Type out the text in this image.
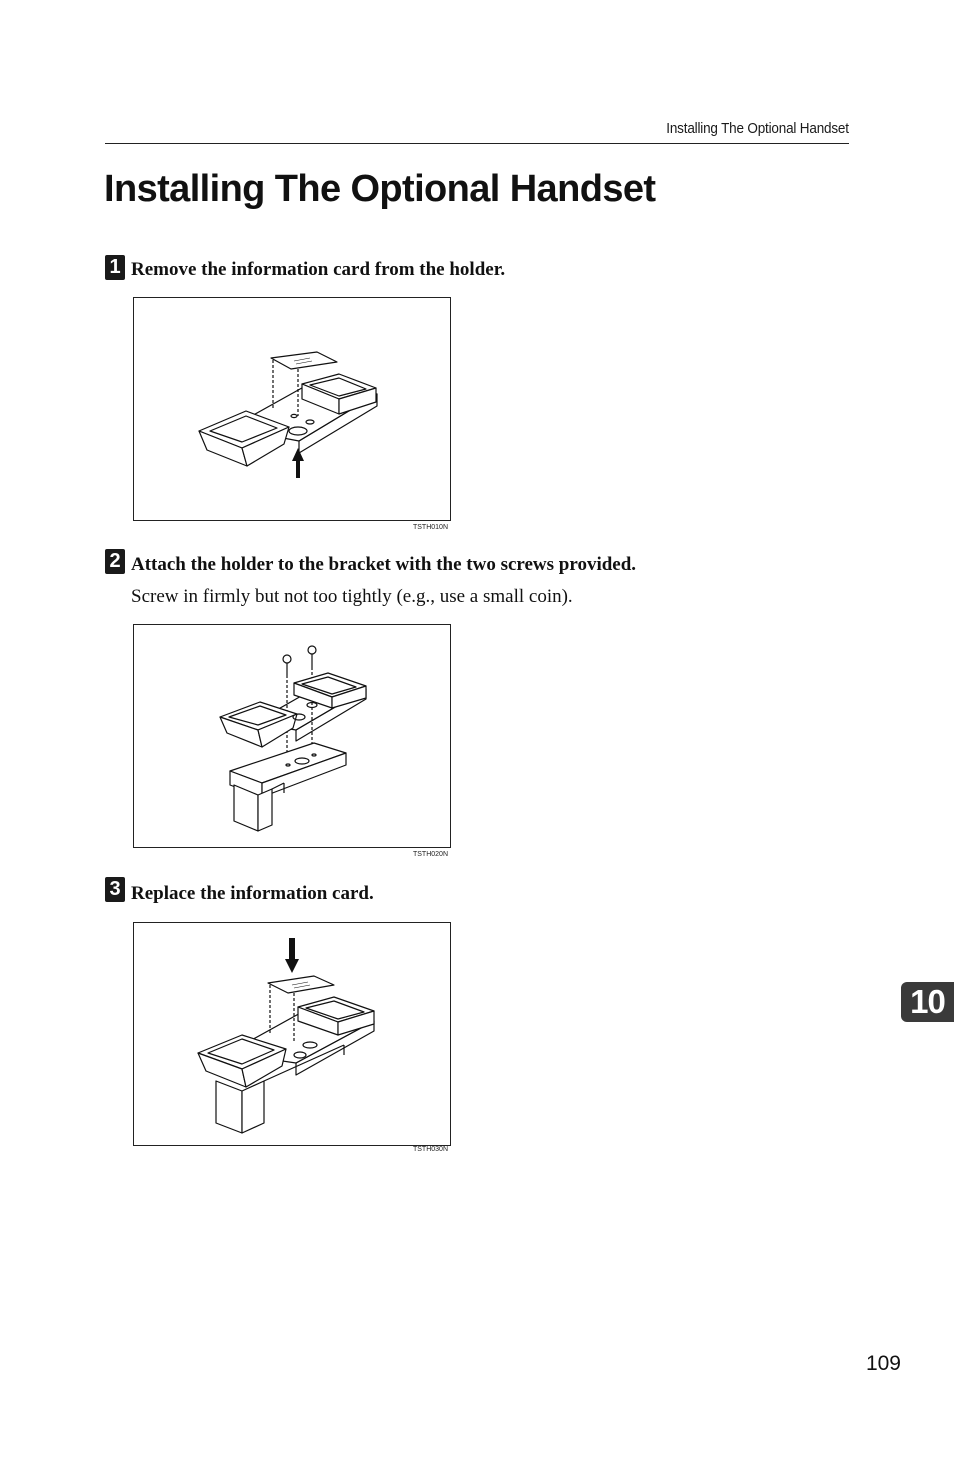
Installing The Optional Handset
Installing The Optional Handset
1 Remove the information card from the holder.
TSTH010N
2 Attach the holder to the bracket with the two screws provided.
Screw in firmly but not too tightly (e.g., use a small coin).
TSTH020N
3 Replace the information card.
TSTH030N
10
109
